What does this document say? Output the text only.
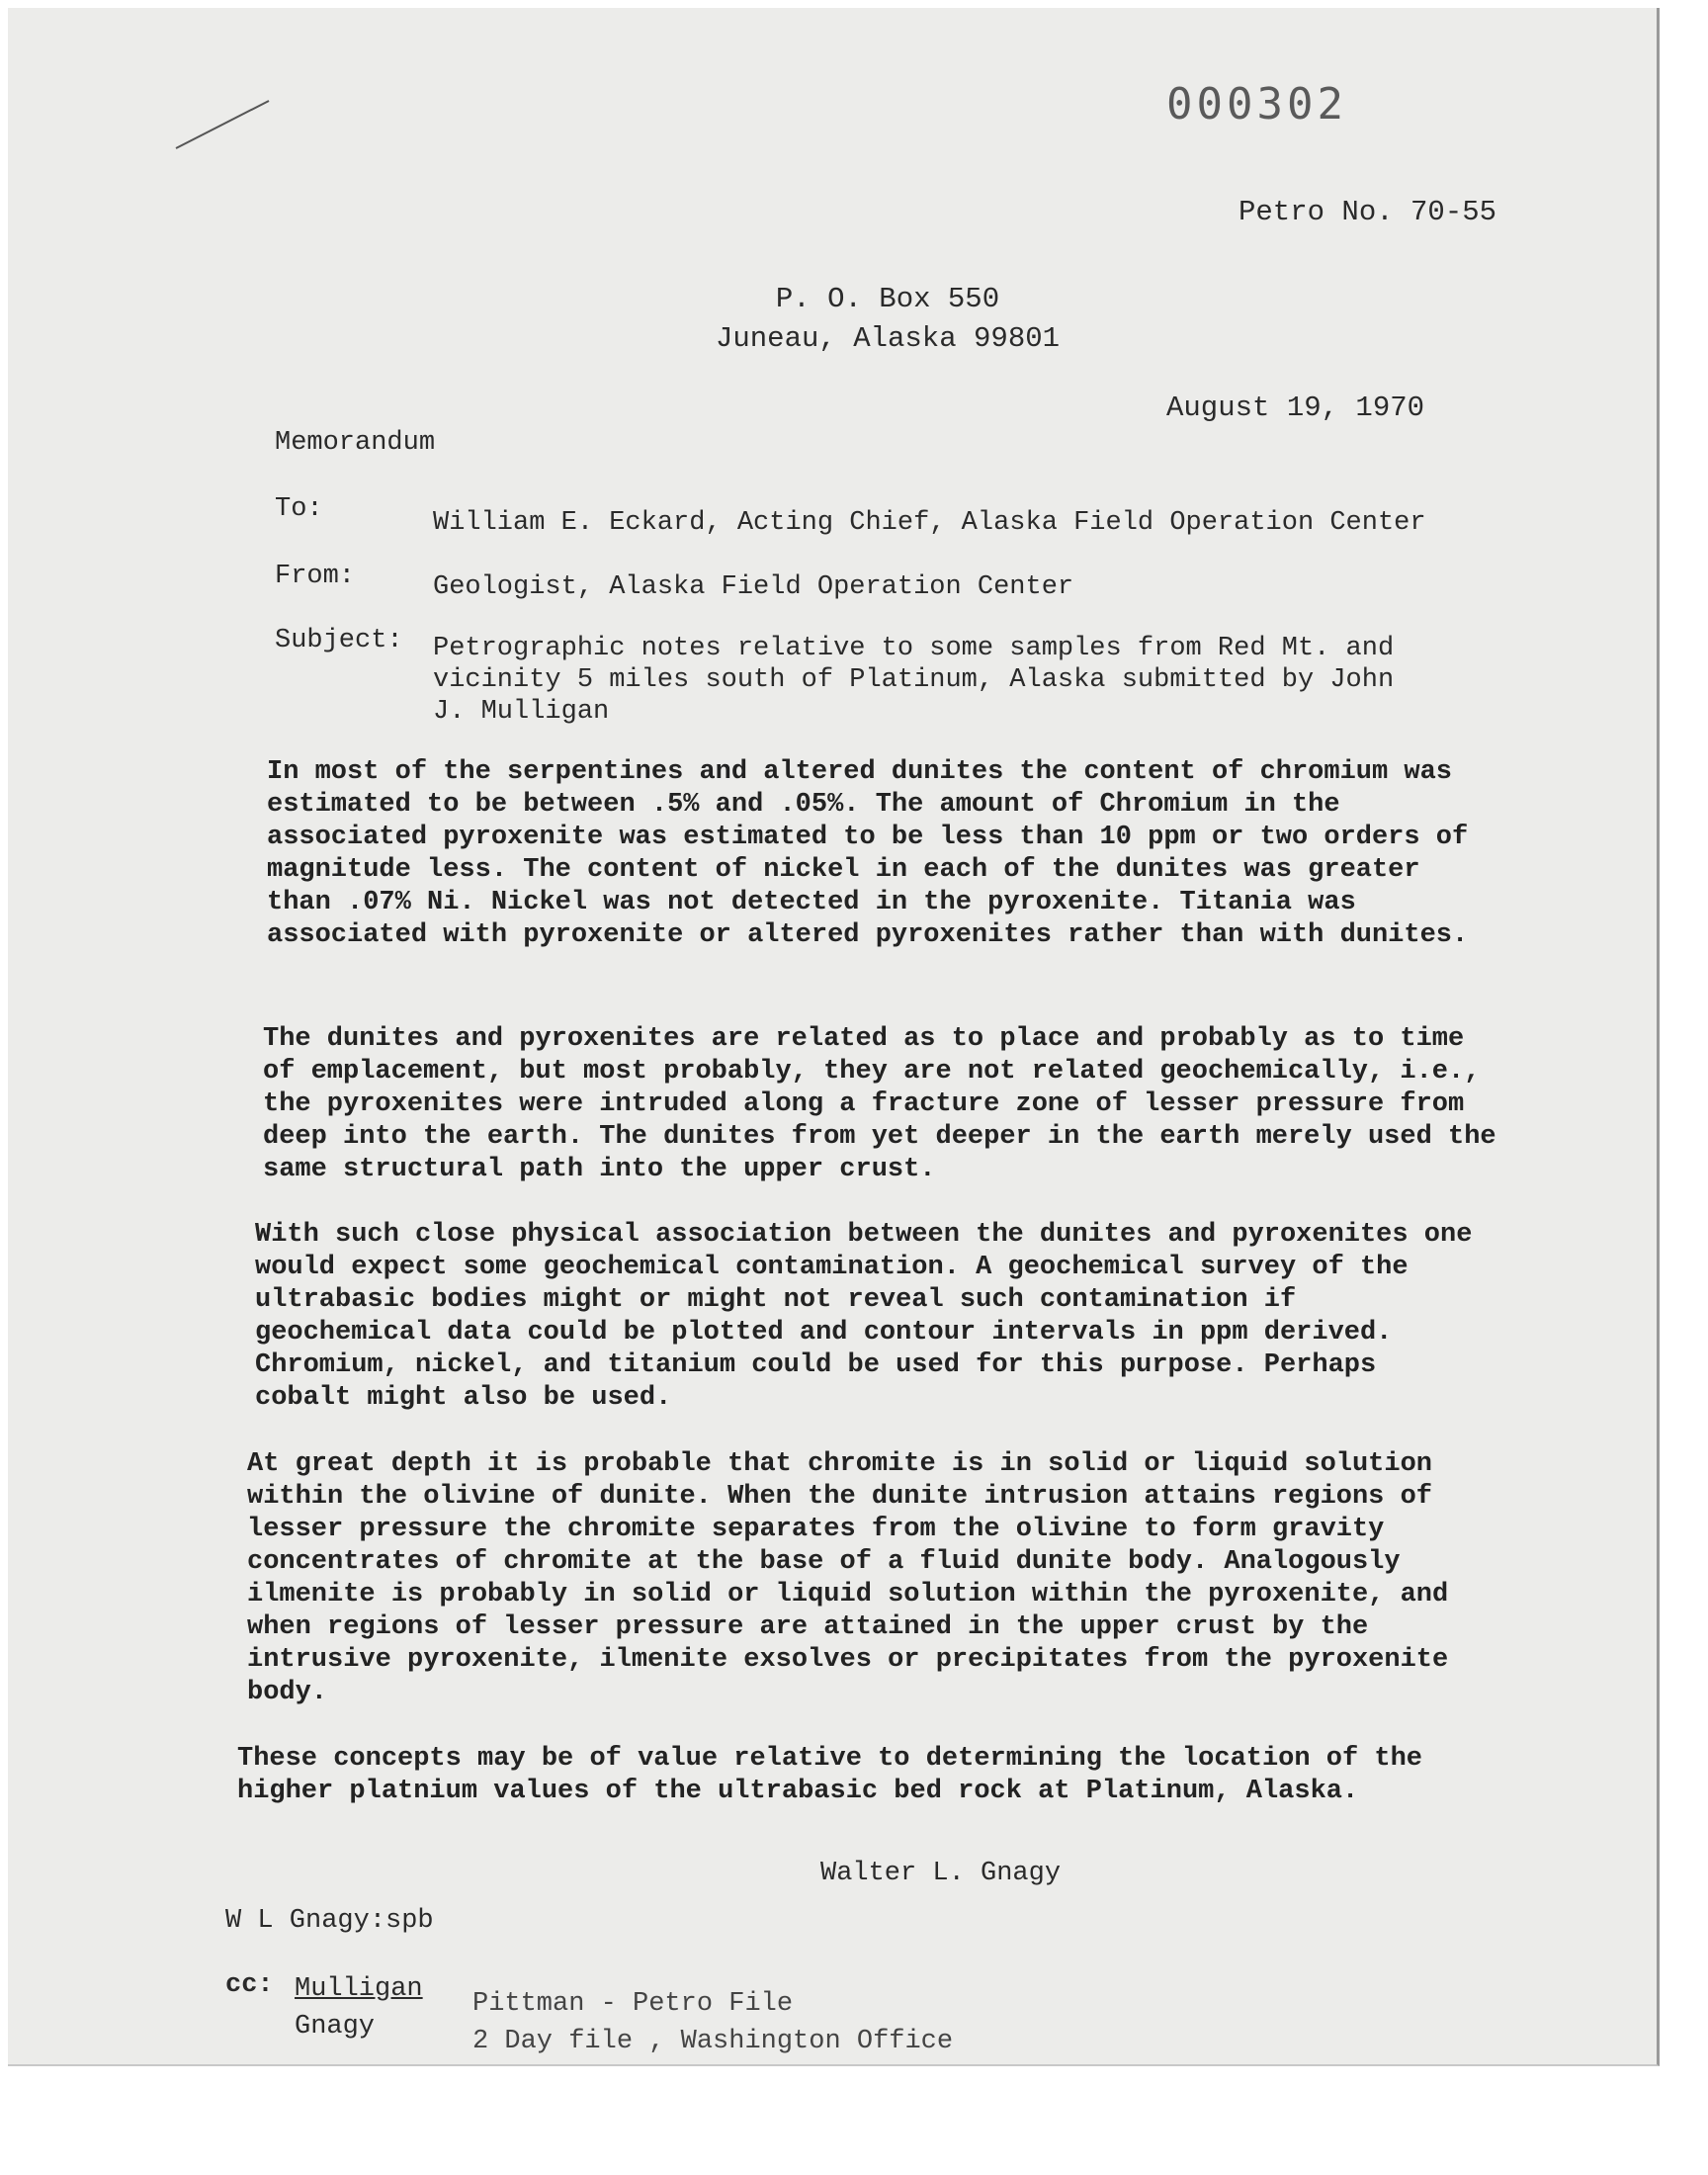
000302
Petro No. 70-55
P. O. Box 550
Juneau, Alaska 99801
August 19, 1970
Memorandum
To:	William E. Eckard, Acting Chief, Alaska Field Operation Center
From:	Geologist, Alaska Field Operation Center
Subject: Petrographic notes relative to some samples from Red Mt. and vicinity 5 miles south of Platinum, Alaska submitted by John J. Mulligan

In most of the serpentines and altered dunites the content of chromium was estimated to be between .5% and .05%. The amount of Chromium in the associated pyroxenite was estimated to be less than 10 ppm or two orders of magnitude less. The content of nickel in each of the dunites was greater than .07% Ni. Nickel was not detected in the pyroxenite. Titania was associated with pyroxenite or altered pyroxenites rather than with dunites.

The dunites and pyroxenites are related as to place and probably as to time of emplacement, but most probably, they are not related geochemically, i.e., the pyroxenites were intruded along a fracture zone of lesser pressure from deep into the earth. The dunites from yet deeper in the earth merely used the same structural path into the upper crust.

With such close physical association between the dunites and pyroxenites one would expect some geochemical contamination. A geochemical survey of the ultrabasic bodies might or might not reveal such contamination if geochemical data could be plotted and contour intervals in ppm derived. Chromium, nickel, and titanium could be used for this purpose. Perhaps cobalt might also be used.

At great depth it is probable that chromite is in solid or liquid solution within the olivine of dunite. When the dunite intrusion attains regions of lesser pressure the chromite separates from the olivine to form gravity concentrates of chromite at the base of a fluid dunite body. Analogously ilmenite is probably in solid or liquid solution within the pyroxenite, and when regions of lesser pressure are attained in the upper crust by the intrusive pyroxenite, ilmenite exsolves or precipitates from the pyroxenite body.

These concepts may be of value relative to determining the location of the higher platnium values of the ultrabasic bed rock at Platinum, Alaska.

Walter L. Gnagy
W L Gnagy:spb
cc: Mulligan
Gnagy
Pittman - Petro File
2 Day file , Washington Office
